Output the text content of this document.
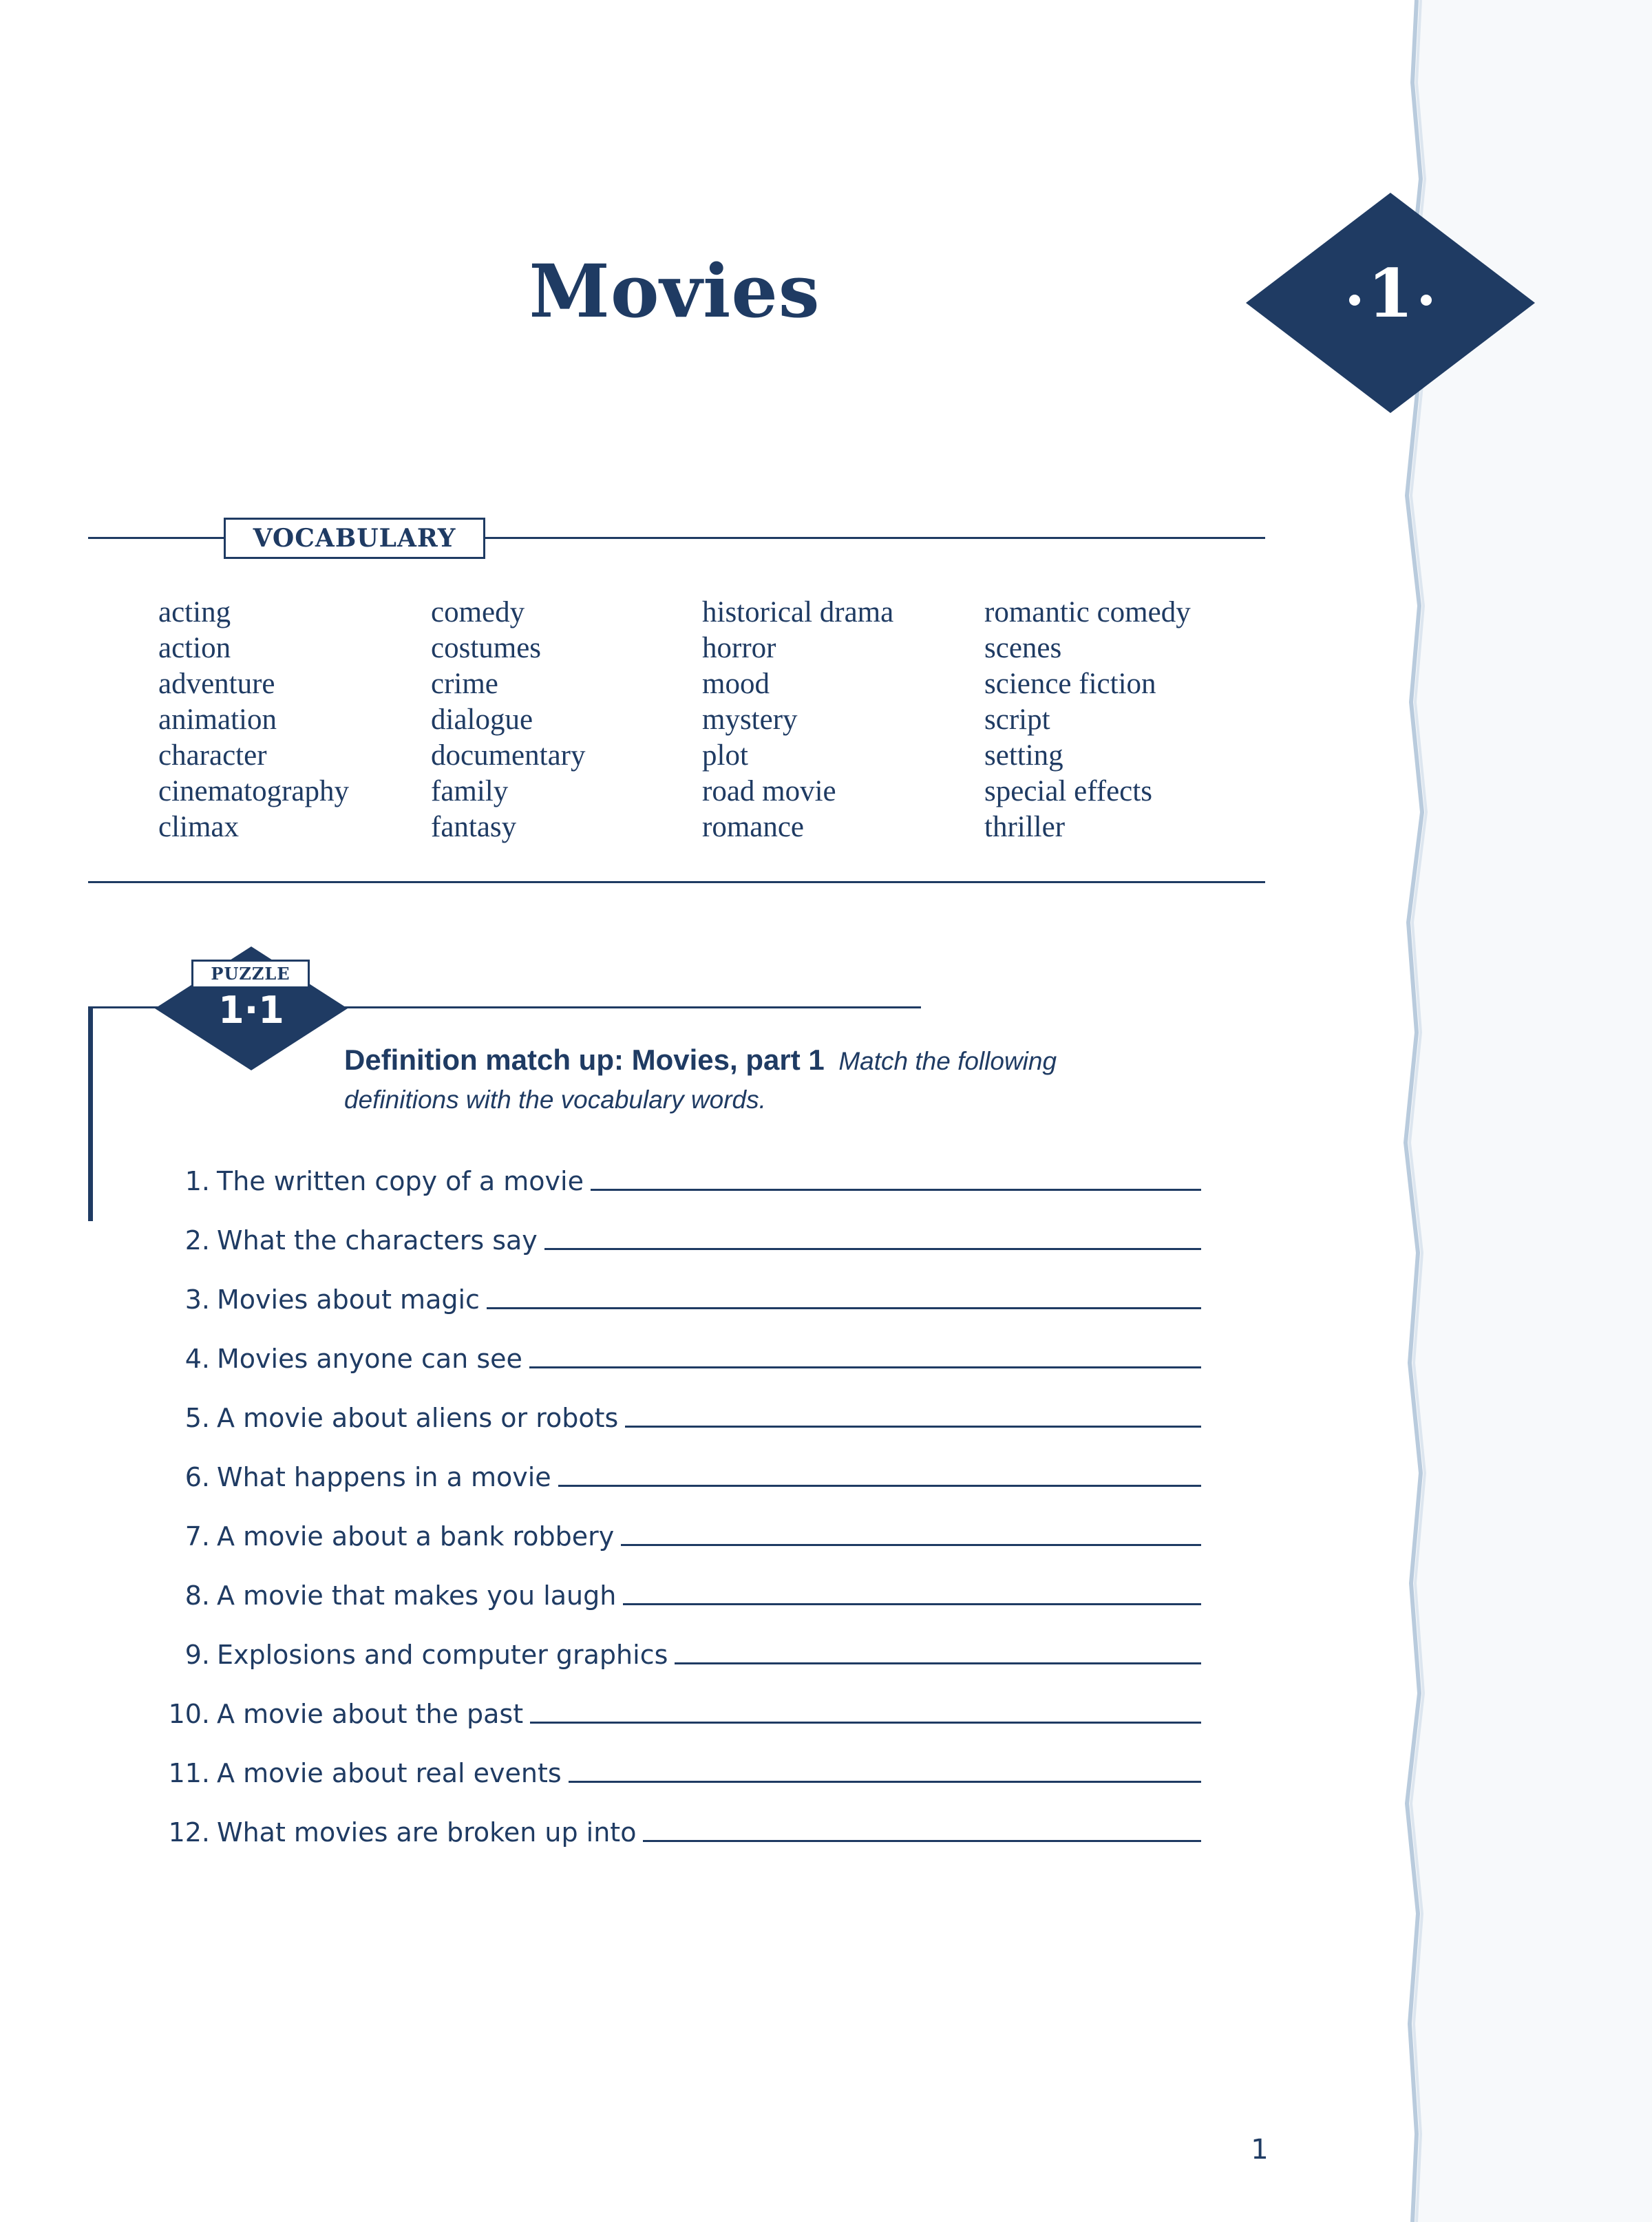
Movies	1
VOCABULARY
acting
action
adventure
animation
character
cinematography
climax
comedy
costumes
crime
dialogue
documentary
family
fantasy
historical drama
horror
mood
mystery
plot
road movie
romance
romantic comedy
scenes
science fiction
script
setting
special effects
thriller
PUZZLE
1·1
Definition match up: Movies, part 1 Match the following definitions with the vocabulary words.
1. The written copy of a movie
2. What the characters say
3. Movies about magic
4. Movies anyone can see
5. A movie about aliens or robots
6. What happens in a movie
7. A movie about a bank robbery
8. A movie that makes you laugh
9. Explosions and computer graphics
10. A movie about the past
11. A movie about real events
12. What movies are broken up into
1
